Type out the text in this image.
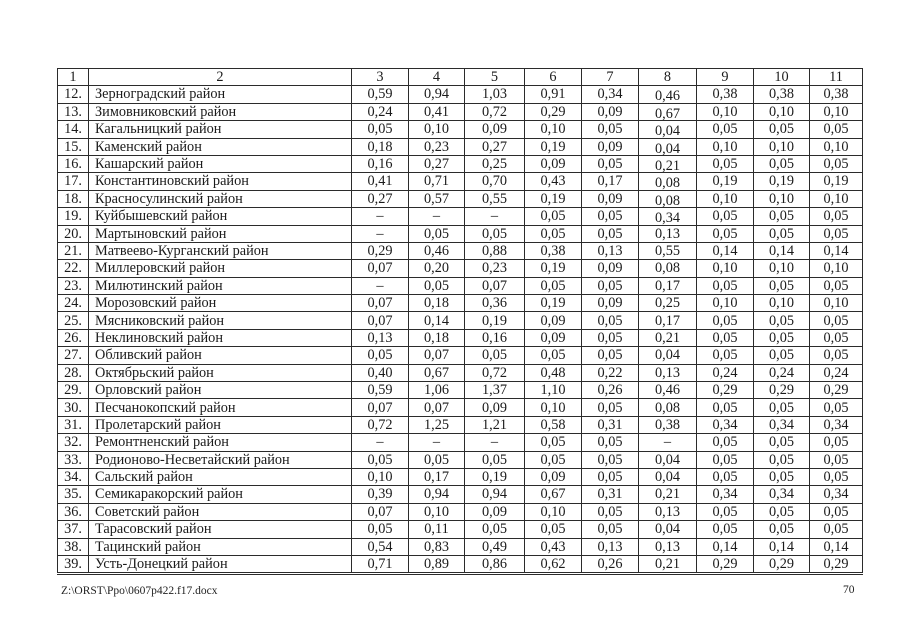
1	2	3	4	5	6	7	8	9	10	11
12.	Зерноградский район	0,59	0,94	1,03	0,91	0,34	0,46	0,38	0,38	0,38
13.	Зимовниковский район	0,24	0,41	0,72	0,29	0,09	0,67	0,10	0,10	0,10
14.	Кагальницкий район	0,05	0,10	0,09	0,10	0,05	0,04	0,05	0,05	0,05
15.	Каменский район	0,18	0,23	0,27	0,19	0,09	0,04	0,10	0,10	0,10
16.	Кашарский район	0,16	0,27	0,25	0,09	0,05	0,21	0,05	0,05	0,05
17.	Константиновский район	0,41	0,71	0,70	0,43	0,17	0,08	0,19	0,19	0,19
18.	Красносулинский район	0,27	0,57	0,55	0,19	0,09	0,08	0,10	0,10	0,10
19.	Куйбышевский район	–	–	–	0,05	0,05	0,34	0,05	0,05	0,05
20.	Мартыновский район	–	0,05	0,05	0,05	0,05	0,13	0,05	0,05	0,05
21.	Матвеево-Курганский район	0,29	0,46	0,88	0,38	0,13	0,55	0,14	0,14	0,14
22.	Миллеровский район	0,07	0,20	0,23	0,19	0,09	0,08	0,10	0,10	0,10
23.	Милютинский район	–	0,05	0,07	0,05	0,05	0,17	0,05	0,05	0,05
24.	Морозовский район	0,07	0,18	0,36	0,19	0,09	0,25	0,10	0,10	0,10
25.	Мясниковский район	0,07	0,14	0,19	0,09	0,05	0,17	0,05	0,05	0,05
26.	Неклиновский район	0,13	0,18	0,16	0,09	0,05	0,21	0,05	0,05	0,05
27.	Обливский район	0,05	0,07	0,05	0,05	0,05	0,04	0,05	0,05	0,05
28.	Октябрьский район	0,40	0,67	0,72	0,48	0,22	0,13	0,24	0,24	0,24
29.	Орловский район	0,59	1,06	1,37	1,10	0,26	0,46	0,29	0,29	0,29
30.	Песчанокопский район	0,07	0,07	0,09	0,10	0,05	0,08	0,05	0,05	0,05
31.	Пролетарский район	0,72	1,25	1,21	0,58	0,31	0,38	0,34	0,34	0,34
32.	Ремонтненский район	–	–	–	0,05	0,05	–	0,05	0,05	0,05
33.	Родионово-Несветайский район	0,05	0,05	0,05	0,05	0,05	0,04	0,05	0,05	0,05
34.	Сальский район	0,10	0,17	0,19	0,09	0,05	0,04	0,05	0,05	0,05
35.	Семикаракорский район	0,39	0,94	0,94	0,67	0,31	0,21	0,34	0,34	0,34
36.	Советский район	0,07	0,10	0,09	0,10	0,05	0,13	0,05	0,05	0,05
37.	Тарасовский район	0,05	0,11	0,05	0,05	0,05	0,04	0,05	0,05	0,05
38.	Тацинский район	0,54	0,83	0,49	0,43	0,13	0,13	0,14	0,14	0,14
39.	Усть-Донецкий район	0,71	0,89	0,86	0,62	0,26	0,21	0,29	0,29	0,29
Z:\ORST\Ppo\0607p422.f17.docx	70
